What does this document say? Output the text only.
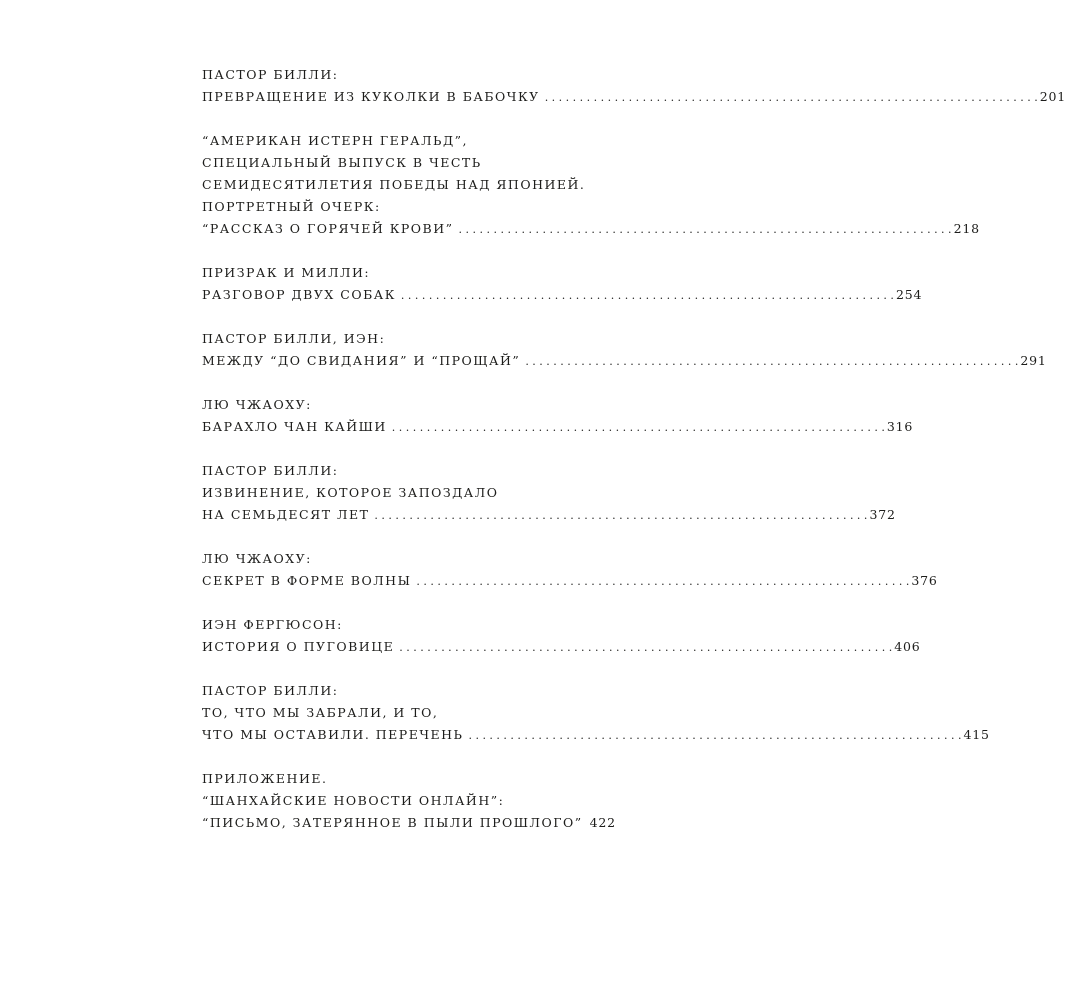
ПАСТОР БИЛЛИ:
ПРЕВРАЩЕНИЕ ИЗ КУКОЛКИ В БАБОЧКУ . . .	201
“АМЕРИКАН ИСТЕРН ГЕРАЛЬД”,
СПЕЦИАЛЬНЫЙ ВЫПУСК В ЧЕСТЬ
СЕМИДЕСЯТИЛЕТИЯ ПОБЕДЫ НАД ЯПОНИЕЙ.
ПОРТРЕТНЫЙ ОЧЕРК:
“РАССКАЗ О ГОРЯЧЕЙ КРОВИ” . . .	218
ПРИЗРАК И МИЛЛИ:
РАЗГОВОР ДВУХ СОБАК . . .	254
ПАСТОР БИЛЛИ, ИЭН:
МЕЖДУ “ДО СВИДАНИЯ” И “ПРОЩАЙ” . . .	291
ЛЮ ЧЖАОХУ:
БАРАХЛО ЧАН КАЙШИ . . .	316
ПАСТОР БИЛЛИ:
ИЗВИНЕНИЕ, КОТОРОЕ ЗАПОЗДАЛО
НА СЕМЬДЕСЯТ ЛЕТ . . .	372
ЛЮ ЧЖАОХУ:
СЕКРЕТ В ФОРМЕ ВОЛНЫ . . .	376
ИЭН ФЕРГЮСОН:
ИСТОРИЯ О ПУГОВИЦЕ . . .	406
ПАСТОР БИЛЛИ:
ТО, ЧТО МЫ ЗАБРАЛИ, И ТО,
ЧТО МЫ ОСТАВИЛИ. ПЕРЕЧЕНЬ . . .	415
ПРИЛОЖЕНИЕ.
“ШАНХАЙСКИЕ НОВОСТИ ОНЛАЙН”:
“ПИСЬМО, ЗАТЕРЯННОЕ В ПЫЛИ ПРОШЛОГО” 422
